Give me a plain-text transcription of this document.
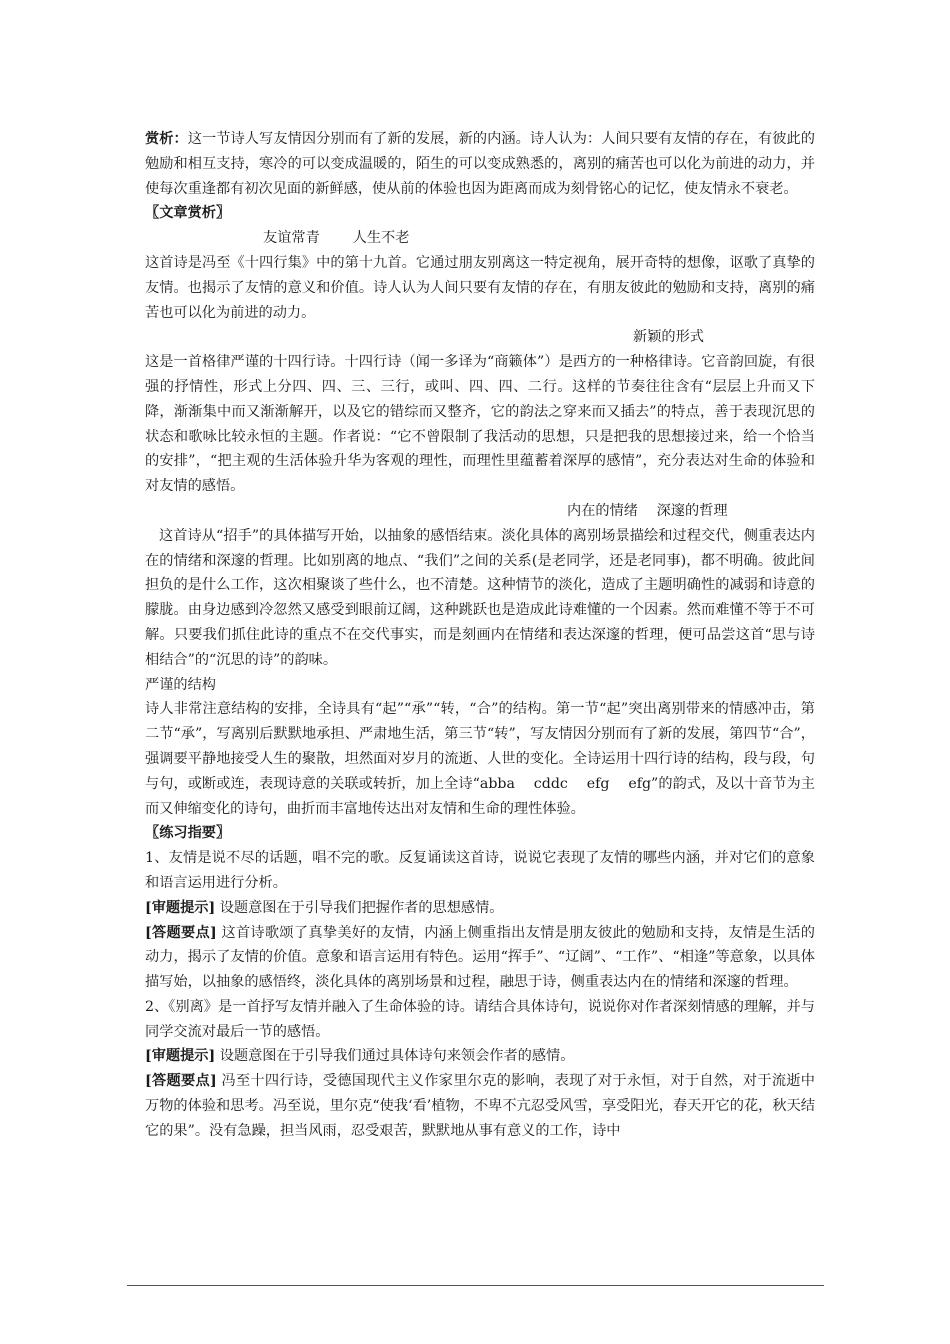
赏析：这一节诗人写友情因分别而有了新的发展，新的内涵。诗人认为：人间只要有友情的存在，有彼此的勉励和相互支持，寒冷的可以变成温暖的，陌生的可以变成熟悉的，离别的痛苦也可以化为前进的动力，并使每次重逢都有初次见面的新鲜感，使从前的体验也因为距离而成为刻骨铭心的记忆，使友情永不衰老。

〖文章赏析〗

友谊常青　　 人生不老

这首诗是冯至《十四行集》中的第十九首。它通过朋友别离这一特定视角，展开奇特的想像，讴歌了真挚的友情。也揭示了友情的意义和价值。诗人认为人间只要有友情的存在，有朋友彼此的勉励和支持，离别的痛苦也可以化为前进的动力。

新颖的形式

这是一首格律严谨的十四行诗。十四行诗（闻一多译为“商籁体”）是西方的一种格律诗。它音韵回旋，有很强的抒情性，形式上分四、四、三、三行，或叫、四、四、二行。这样的节奏往往含有“层层上升而又下降，渐渐集中而又渐渐解开，以及它的错综而又整齐，它的韵法之穿来而又插去”的特点，善于表现沉思的状态和歌咏比较永恒的主题。作者说：“它不曾限制了我活动的思想，只是把我的思想接过来，给一个恰当的安排”，“把主观的生活体验升华为客观的理性，而理性里蕴蓄着深厚的感情”，充分表达对生命的体验和对友情的感悟。

内在的情绪　 深邃的哲理

这首诗从“招手”的具体描写开始，以抽象的感悟结束。淡化具体的离别场景描绘和过程交代，侧重表达内在的情绪和深邃的哲理。比如别离的地点、“我们”之间的关系(是老同学，还是老同事)，都不明确。彼此间担负的是什么工作，这次相聚谈了些什么，也不清楚。这种情节的淡化，造成了主题明确性的减弱和诗意的朦胧。由身边感到冷忽然又感受到眼前辽阔，这种跳跃也是造成此诗难懂的一个因素。然而难懂不等于不可解。只要我们抓住此诗的重点不在交代事实，而是刻画内在情绪和表达深邃的哲理，便可品尝这首“思与诗相结合”的“沉思的诗”的韵味。

严谨的结构

诗人非常注意结构的安排，全诗具有“起”“承”“转，“合”的结构。第一节“起”突出离别带来的情感冲击，第二节“承”，写离别后默默地承担、严肃地生活，第三节“转”，写友情因分别而有了新的发展，第四节“合”，强调要平静地接受人生的聚散，坦然面对岁月的流逝、人世的变化。全诗运用十四行诗的结构，段与段，句与句，或断或连，表现诗意的关联或转折，加上全诗“abba　 cddc　 efg　 efg”的韵式，及以十音节为主而又伸缩变化的诗句，曲折而丰富地传达出对友情和生命的理性体验。

〖练习指要〗

1、友情是说不尽的话题，唱不完的歌。反复诵读这首诗，说说它表现了友情的哪些内涵，并对它们的意象和语言运用进行分析。

[审题提示] 设题意图在于引导我们把握作者的思想感情。

[答题要点] 这首诗歌颂了真挚美好的友情，内涵上侧重指出友情是朋友彼此的勉励和支持，友情是生活的动力，揭示了友情的价值。意象和语言运用有特色。运用“挥手”、“辽阔”、“工作”、“相逢”等意象，以具体描写始，以抽象的感悟终，淡化具体的离别场景和过程，融思于诗，侧重表达内在的情绪和深邃的哲理。

2、《别离》是一首抒写友情并融入了生命体验的诗。请结合具体诗句，说说你对作者深刻情感的理解，并与同学交流对最后一节的感悟。

[审题提示] 设题意图在于引导我们通过具体诗句来领会作者的感情。

[答题要点] 冯至十四行诗，受德国现代主义作家里尔克的影响，表现了对于永恒，对于自然，对于流逝中万物的体验和思考。冯至说，里尔克“使我‘看’植物，不卑不亢忍受风雪，享受阳光，春天开它的花，秋天结它的果”。没有急躁，担当风雨，忍受艰苦，默默地从事有意义的工作，诗中
